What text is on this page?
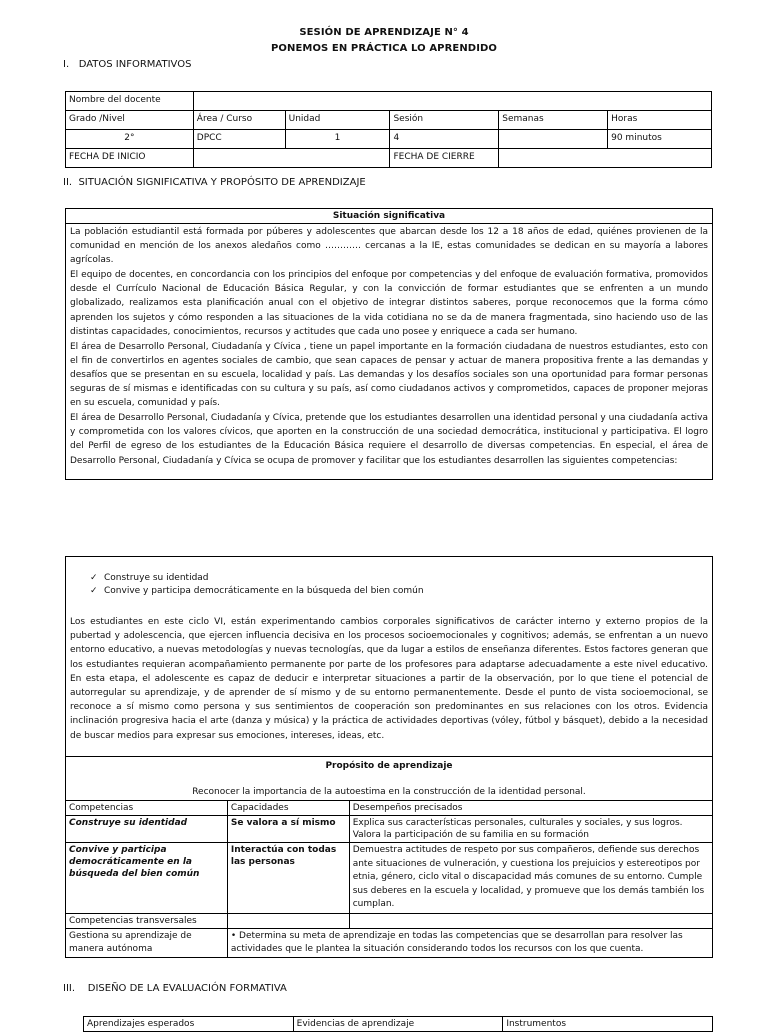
SESIÓN DE APRENDIZAJE N° 4
PONEMOS EN PRÁCTICA LO APRENDIDO
I. DATOS INFORMATIVOS
Nombre del docente					
Grado /Nivel	Área / Curso	Unidad	Sesión	Semanas	Horas
2°	DPCC	1	4		90 minutos
FECHA DE INICIO			FECHA DE CIERRE		
II. SITUACIÓN SIGNIFICATIVA Y PROPÓSITO DE APRENDIZAJE
Situación significativa

La población estudiantil está formada por púberes y adolescentes que abarcan desde los 12 a 18 años de edad, quiénes provienen de la comunidad en mención de los anexos aledaños como ………… cercanas a la IE, estas comunidades se dedican en su mayoría a labores agrícolas.

El equipo de docentes, en concordancia con los principios del enfoque por competencias y del enfoque de evaluación formativa, promovidos desde el Currículo Nacional de Educación Básica Regular, y con la convicción de formar estudiantes que se enfrenten a un mundo globalizado, realizamos esta planificación anual con el objetivo de integrar distintos saberes, porque reconocemos que la forma cómo aprenden los sujetos y cómo responden a las situaciones de la vida cotidiana no se da de manera fragmentada, sino haciendo uso de las distintas capacidades, conocimientos, recursos y actitudes que cada uno posee y enriquece a cada ser humano.

El área de Desarrollo Personal, Ciudadanía y Cívica , tiene un papel importante en la formación ciudadana de nuestros estudiantes, esto con el fin de convertirlos en agentes sociales de cambio, que sean capaces de pensar y actuar de manera propositiva frente a las demandas y desafíos que se presentan en su escuela, localidad y país. Las demandas y los desafíos sociales son una oportunidad para formar personas seguras de sí mismas e identificadas con su cultura y su país, así como ciudadanos activos y comprometidos, capaces de proponer mejoras en su escuela, comunidad y país.

El área de Desarrollo Personal, Ciudadanía y Cívica, pretende que los estudiantes desarrollen una identidad personal y una ciudadanía activa y comprometida con los valores cívicos, que aporten en la construcción de una sociedad democrática, institucional y participativa. El logro del Perfil de egreso de los estudiantes de la Educación Básica requiere el desarrollo de diversas competencias. En especial, el área de Desarrollo Personal, Ciudadanía y Cívica se ocupa de promover y facilitar que los estudiantes desarrollen las siguientes competencias:

✓ Construye su identidad
✓ Convive y participa democráticamente en la búsqueda del bien común

Los estudiantes en este ciclo VI, están experimentando cambios corporales significativos de carácter interno y externo propios de la pubertad y adolescencia, que ejercen influencia decisiva en los procesos socioemocionales y cognitivos; además, se enfrentan a un nuevo entorno educativo, a nuevas metodologías y nuevas tecnologías, que da lugar a estilos de enseñanza diferentes. Estos factores generan que los estudiantes requieran acompañamiento permanente por parte de los profesores para adaptarse adecuadamente a este nivel educativo. En esta etapa, el adolescente es capaz de deducir e interpretar situaciones a partir de la observación, por lo que tiene el potencial de autorregular su aprendizaje, y de aprender de sí mismo y de su entorno permanentemente. Desde el punto de vista socioemocional, se reconoce a sí mismo como persona y sus sentimientos de cooperación son predominantes en sus relaciones con los otros. Evidencia inclinación progresiva hacia el arte (danza y música) y la práctica de actividades deportivas (vóley, fútbol y básquet), debido a la necesidad de buscar medios para expresar sus emociones, intereses, ideas, etc.

Propósito de aprendizaje
Reconocer la importancia de la autoestima en la construcción de la identidad personal.		

Competencias	Capacidades	Desempeños precisados
Construye su identidad	Se valora a sí mismo	Explica sus características personales, culturales y sociales, y sus logros. Valora la participación de su familia en su formación
Convive y participa democráticamente en la búsqueda del bien común	Interactúa con todas las personas	Demuestra actitudes de respeto por sus compañeros, defiende sus derechos ante situaciones de vulneración, y cuestiona los prejuicios y estereotipos por etnia, género, ciclo vital o discapacidad más comunes de su entorno. Cumple sus deberes en la escuela y localidad, y promueve que los demás también los cumplan.
Competencias transversales		
Gestiona su aprendizaje de manera autónoma	• Determina su meta de aprendizaje en todas las competencias que se desarrollan para resolver las actividades que le plantea la situación considerando todos los recursos con los que cuenta.	
III. DISEÑO DE LA EVALUACIÓN FORMATIVA
Aprendizajes esperados	Evidencias de aprendizaje	Instrumentos
